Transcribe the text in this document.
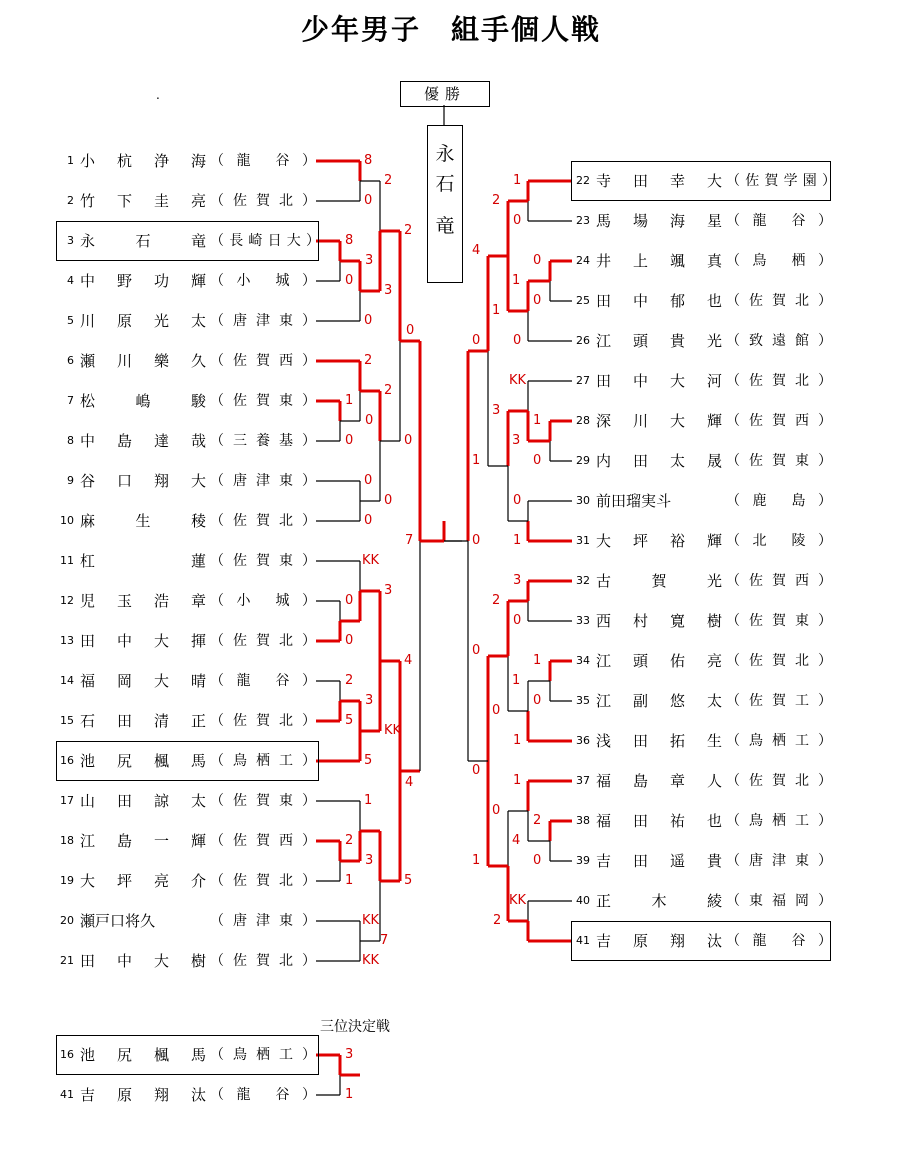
少年男子　組手個人戦
.	優勝
永
石
竜
1 小 杭 浄 海 （ 龍 谷 ）
2 竹 下 圭 亮 （ 佐 賀 北 ）
3 永	石	竜 （ 長 崎 日 大 ）
4 中 野 功 輝 （ 小 城 ）
5 川 原 光 太 （ 唐 津 東 ）
6 瀬 川 樂 久 （ 佐 賀 西 ）
7 松	嶋	駿 （ 佐 賀 東 ）
8 中 島 達 哉 （ 三 養 基 ）
9 谷 口 翔 大 （ 唐 津 東 ）
10 麻	生	稜 （ 佐 賀 北 ）
11 杠	蓮 （ 佐 賀 東 ）
12 児 玉 浩 章 （ 小 城 ）
13 田 中 大 揮 （ 佐 賀 北 ）
14 福 岡 大 晴 （ 龍 谷 ）
15 石 田 清 正 （ 佐 賀 北 ）
16 池 尻 楓 馬 （ 鳥 栖 工 ）
17 山 田 諒 太 （ 佐 賀 東 ）
18 江 島 一 輝 （ 佐 賀 西 ）
19 大 坪 亮 介 （ 佐 賀 北 ）
20 瀬 戸 口 将 久	（ 唐 津 東 ）
21 田 中 大 樹 （ 佐 賀 北 ）
22 寺 田 幸 大 （ 佐 賀 学 園 ）
23 馬 場 海 星 （ 龍 谷 ）
24 井 上 颯 真 （ 鳥 栖 ）
25 田 中 郁 也 （ 佐 賀 北 ）
26 江 頭 貴 光 （ 致 遠 館 ）
27 田 中 大 河 （ 佐 賀 北 ）
28 深 川 大 輝 （ 佐 賀 西 ）
29 内 田 太 晟 （ 佐 賀 東 ）
30 前 田 瑠 実 斗	（ 鹿 島 ）
31 大 坪 裕 輝 （ 北 陵 ）
32 古	賀	光 （ 佐 賀 西 ）
33 西 村 寛 樹 （ 佐 賀 東 ）
34 江 頭 佑 亮 （ 佐 賀 北 ）
35 江 副 悠 太 （ 佐 賀 工 ）
36 浅 田 拓 生 （ 鳥 栖 工 ）
37 福 島 章 人 （ 佐 賀 北 ）
38 福 田 祐 也 （ 鳥 栖 工 ）
39 吉 田 遥 貴 （ 唐 津 東 ）
40 正	木	綾 （ 東 福 岡 ）
41 吉 原 翔 汰 （ 龍 谷 ）
16 池 尻 楓 馬 （ 鳥 栖 工 ）
41 吉 原 翔 汰 （ 龍 谷 ）
8
0
8
0
0
2
1
0
0
0
KK
0
0
2
5
5
1
2
1
KK
KK
2
3
3
2
0
0
3
3
KK
3
2
0
4
5
0
4
7
7
1
0
0
0
0
KK
1
0
0
1
3
0
1
0
1
1
2
0
KK
2
2
1
3
3
2
1
0
0
4
4
1
1
0
1
0
0
0
3
1
三位決定戦
